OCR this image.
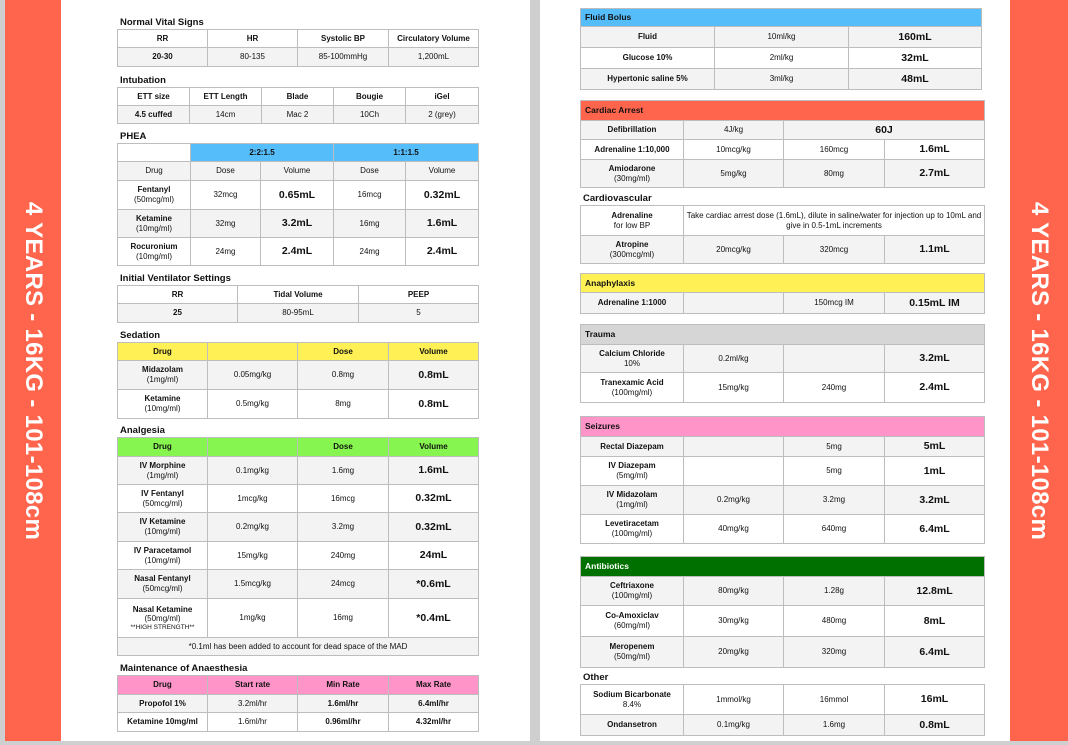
4 YEARS - 16KG - 101-108cm	4 YEARS - 16KG - 101-108cm
Normal Vital Signs
RR	HR	Systolic BP	Circulatory Volume
20-30	80-135	85-100mmHg	1,200mL
Intubation
ETT size	ETT Length	Blade	Bougie	iGel
4.5 cuffed	14cm	Mac 2	10Ch	2 (grey)
PHEA
	2:2:1.5		1:1:1.5	
Drug	Dose	Volume	Dose	Volume
Fentanyl
(50mcg/ml)	32mcg	0.65mL	16mcg	0.32mL
Ketamine
(10mg/ml)	32mg	3.2mL	16mg	1.6mL
Rocuronium
(10mg/ml)	24mg	2.4mL	24mg	2.4mL
Initial Ventilator Settings
RR	Tidal Volume	PEEP
25	80-95mL	5
Sedation
Drug		Dose	Volume
Midazolam
(1mg/ml)	0.05mg/kg	0.8mg	0.8mL
Ketamine
(10mg/ml)	0.5mg/kg	8mg	0.8mL
Analgesia
Drug		Dose	Volume
IV Morphine
(1mg/ml)	0.1mg/kg	1.6mg	1.6mL
IV Fentanyl
(50mcg/ml)	1mcg/kg	16mcg	0.32mL
IV Ketamine
(10mg/ml)	0.2mg/kg	3.2mg	0.32mL
IV Paracetamol
(10mg/ml)	15mg/kg	240mg	24mL
Nasal Fentanyl
(50mcg/ml)	1.5mcg/kg	24mcg	*0.6mL
Nasal Ketamine
(50mg/ml)
**HIGH STRENGTH**	1mg/kg	16mg	*0.4mL
*0.1ml has been added to account for dead space of the MAD			
Maintenance of Anaesthesia
Drug	Start rate	Min Rate	Max Rate
Propofol 1%	3.2ml/hr	1.6ml/hr	6.4ml/hr
Ketamine 10mg/ml	1.6ml/hr	0.96ml/hr	4.32ml/hr
Fluid Bolus		
Fluid	10ml/kg	160mL
Glucose 10%	2ml/kg	32mL
Hypertonic saline 5%	3ml/kg	48mL
Cardiac Arrest			
Defibrillation	4J/kg	60J	
Adrenaline 1:10,000	10mcg/kg	160mcg	1.6mL
Amiodarone
(30mg/ml)	5mg/kg	80mg	2.7mL
Cardiovascular
Adrenaline
for low BP	Take cardiac arrest dose (1.6mL), dilute in saline/water for injection up to 10mL and give in 0.5-1mL increments		
Atropine
(300mcg/ml)	20mcg/kg	320mcg	1.1mL
Anaphylaxis
Adrenaline 1:1000		150mcg IM	0.15mL IM
Trauma			
Calcium Chloride
10%	0.2ml/kg		3.2mL
Tranexamic Acid
(100mg/ml)	15mg/kg	240mg	2.4mL
Seizures			
Rectal Diazepam		5mg	5mL
IV Diazepam
(5mg/ml)		5mg	1mL
IV Midazolam
(1mg/ml)	0.2mg/kg	3.2mg	3.2mL
Levetiracetam
(100mg/ml)	40mg/kg	640mg	6.4mL
Antibiotics			
Ceftriaxone
(100mg/ml)	80mg/kg	1.28g	12.8mL
Co-Amoxiclav
(60mg/ml)	30mg/kg	480mg	8mL
Meropenem
(50mg/ml)	20mg/kg	320mg	6.4mL
Other
Sodium Bicarbonate
8.4%	1mmol/kg	16mmol	16mL
Ondansetron	0.1mg/kg	1.6mg	0.8mL
